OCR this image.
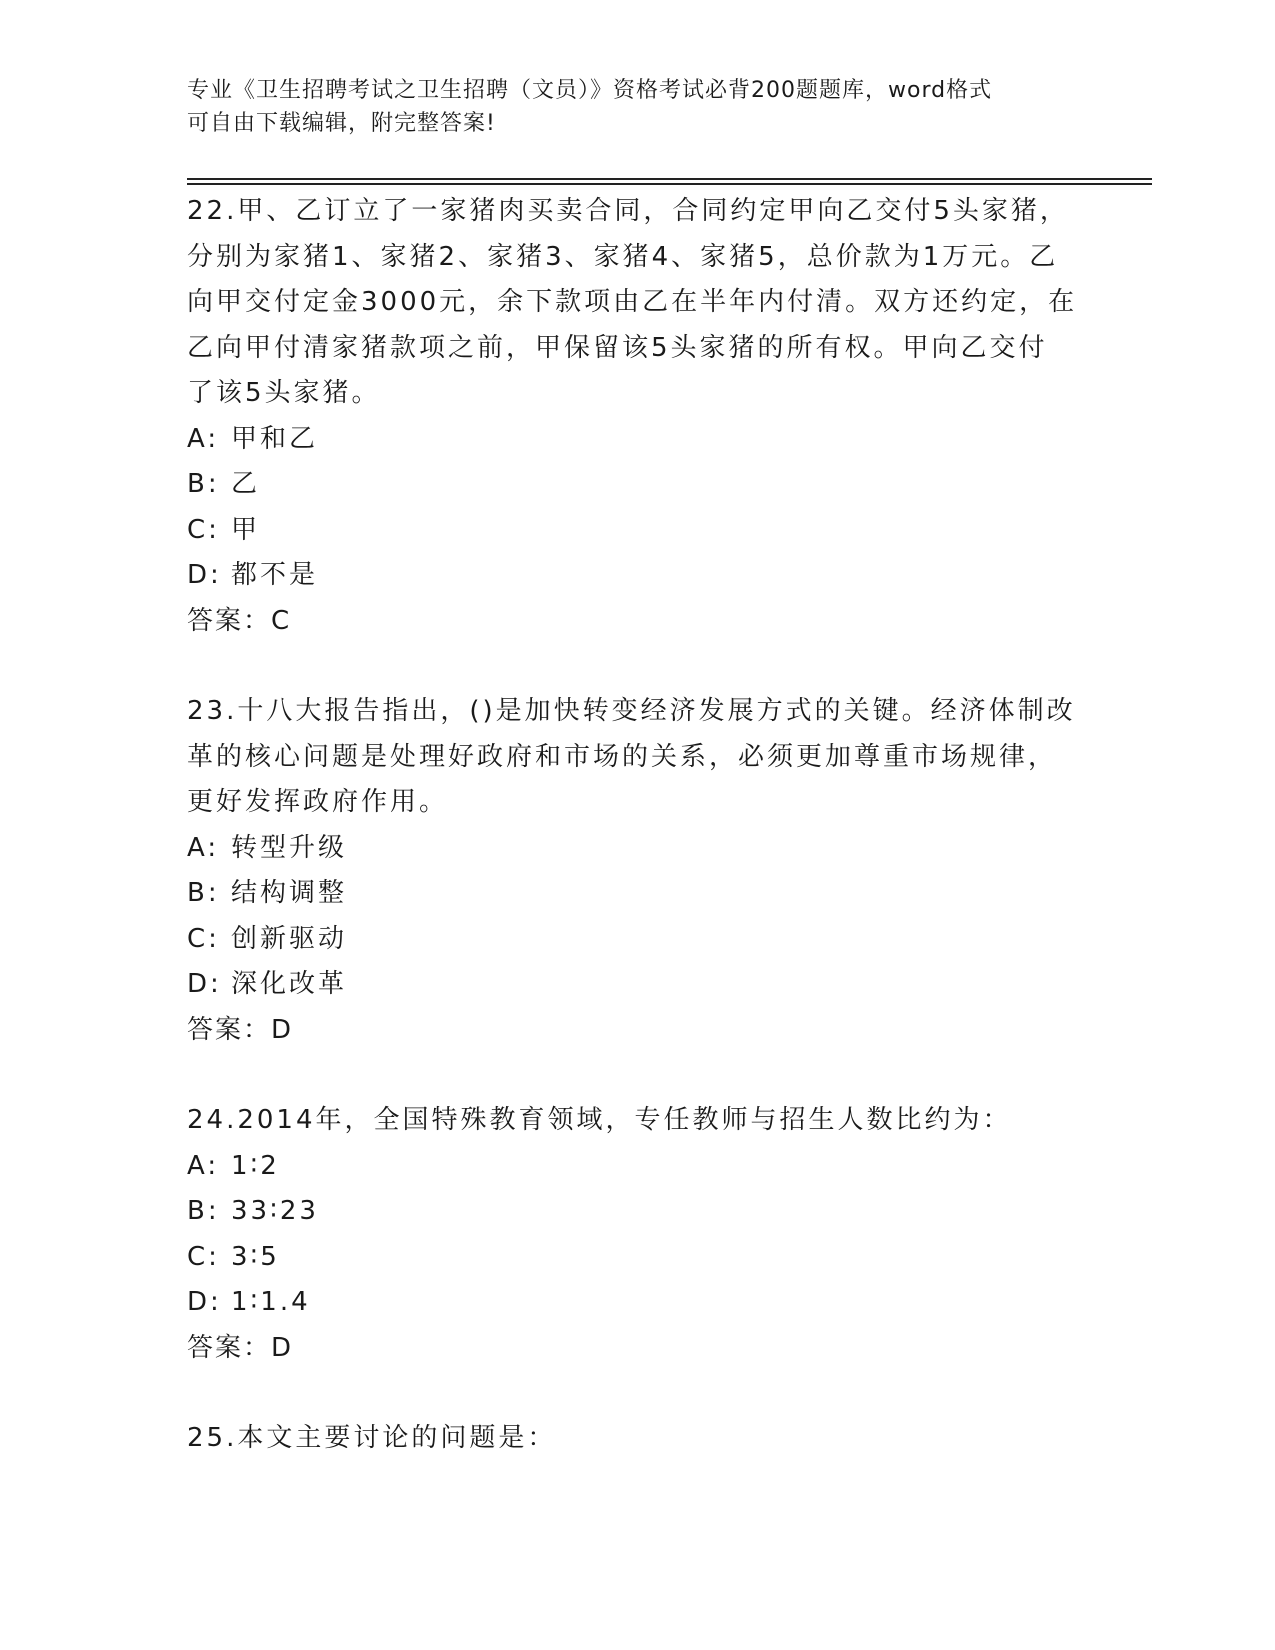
专业《卫生招聘考试之卫生招聘（文员）》资格考试必背200题题库，word格式
可自由下载编辑，附完整答案!

22.甲、乙订立了一家猪肉买卖合同，合同约定甲向乙交付5头家猪，

分别为家猪1、家猪2、家猪3、家猪4、家猪5，总价款为1万元。乙

向甲交付定金3000元，余下款项由乙在半年内付清。双方还约定，在

乙向甲付清家猪款项之前，甲保留该5头家猪的所有权。甲向乙交付

了该5头家猪。

A: 甲和乙

B: 乙

C: 甲

D: 都不是

答案：C

23.十八大报告指出，()是加快转变经济发展方式的关键。经济体制改

革的核心问题是处理好政府和市场的关系，必须更加尊重市场规律，

更好发挥政府作用。

A: 转型升级

B: 结构调整

C: 创新驱动

D: 深化改革

答案：D

24.2014年，全国特殊教育领域，专任教师与招生人数比约为：

A: 1∶2

B: 33∶23

C: 3∶5

D: 1∶1.4

答案：D

25.本文主要讨论的问题是：
